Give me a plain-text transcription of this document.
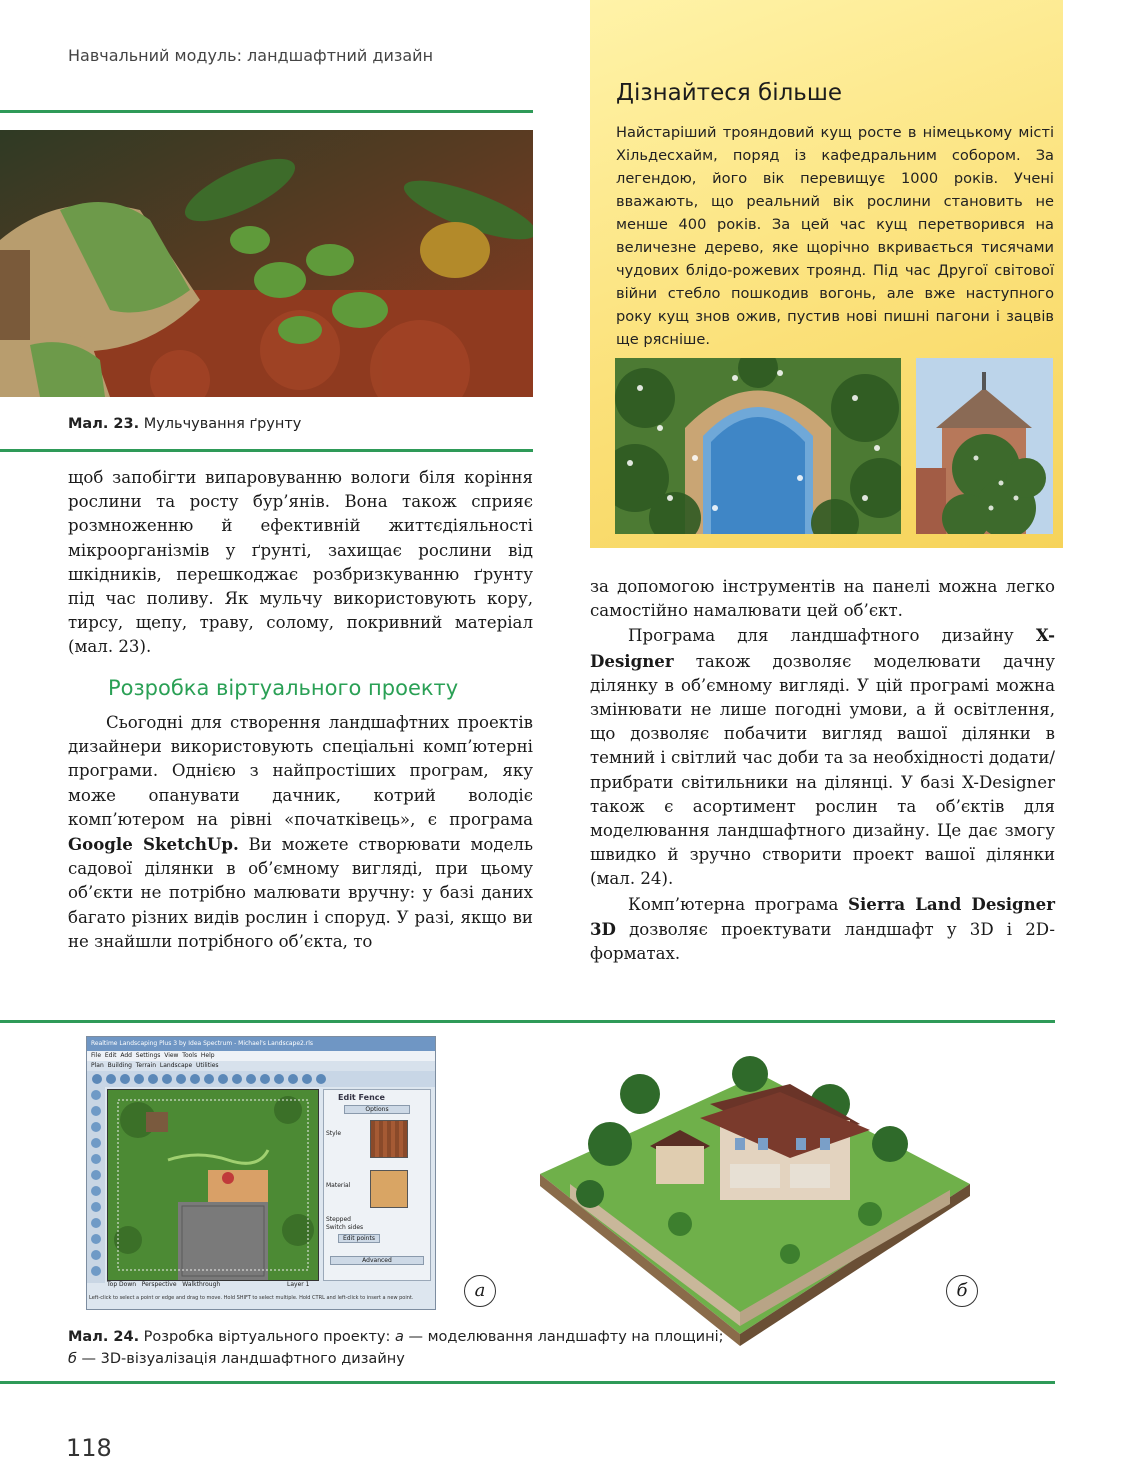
Навчальний модуль: ландшафтний дизайн
Дізнайтеся більше
Найстаріший трояндовий кущ росте в німецькому місті Хільдесхайм, поряд із кафедральним собором. За легендою, його вік перевищує 1000 років. Учені вважають, що реальний вік рослини становить не менше 400 років. За цей час кущ перетворився на величезне дерево, яке щорічно вкривається тисячами чудових блідо-рожевих троянд. Під час Другої світової війни стебло пошкодив вогонь, але вже наступного року кущ знов ожив, пустив нові пишні пагони і зацвів ще рясніше.
Мал. 23. Мульчування ґрунту

щоб запобігти випаровуванню вологи біля коріння рослини та росту бур’янів. Вона також сприяє розмноженню й ефективній життєдіяльності мікроорганізмів у ґрунті, захищає рослини від шкідників, перешкоджає розбризкуванню ґрунту під час поливу. Як мульчу використовують кору, тирсу, щепу, траву, солому, покривний матеріал (мал. 23).

Розробка віртуального проекту

Сьогодні для створення ландшафтних проектів дизайнери використовують спеціальні комп’ютерні програми. Однією з найпростіших програм, яку може опанувати дачник, котрий володіє комп’ютером на рівні «початківець», є програма Google SketchUp. Ви можете створювати модель садової ділянки в об’ємному вигляді, при цьому об’єкти не потрібно малювати вручну: у базі даних багато різних видів рослин і споруд. У разі, якщо ви не знайшли потрібного об’єкта, то

за допомогою інструментів на панелі можна легко самостійно намалювати цей об’єкт.

Програма для ландшафтного дизайну X-Designer також дозволяє моделювати дачну ділянку в об’ємному вигляді. У цій програмі можна змінювати не лише погодні умови, а й освітлення, що дозволяє побачити вигляд вашої ділянки в темний і світлий час доби та за необхідності додати/прибрати світильники на ділянці. У базі X-Designer також є асортимент рослин та об’єктів для моделювання ландшафтного дизайну. Це дає змогу швидко й зручно створити проект вашої ділянки (мал. 24).

Комп’ютерна програма Sierra Land Designer 3D дозволяє проектувати ландшафт у 3D і 2D-форматах.

Realtime Landscaping Plus 3 by Idea Spectrum - Michael's Landscape2.rls
File Edit Add Settings View Tools Help
Plan Building Terrain Landscape Utilities
Edit Fence
Options
Style
Material
Stepped
Switch sides
Edit points
Advanced
Top Down Perspective Walkthrough	Layer 1
Left-click to select a point or edge and drag to move. Hold SHIFT to select multiple. Hold CTRL and left-click to insert a new point.	а	б
Мал. 24. Розробка віртуального проекту: а — моделювання ландшафту на площині;
б — 3D-візуалізація ландшафтного дизайну
118
